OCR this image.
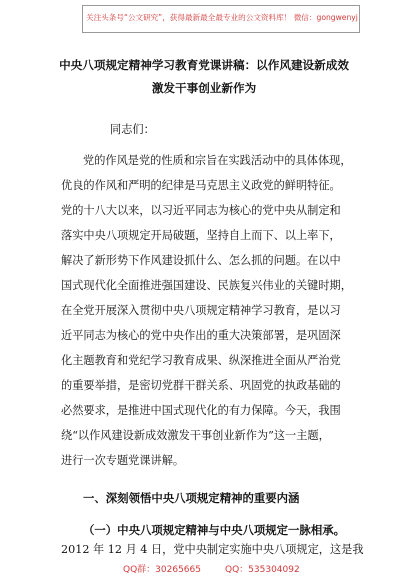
关注头条号“公文研究”，获得最新最全最专业的公文资料库！ 微信：gongwenyj
中央八项规定精神学习教育党课讲稿：以作风建设新成效
激发干事创业新作为
同志们：
党的作风是党的性质和宗旨在实践活动中的具体体现，
优良的作风和严明的纪律是马克思主义政党的鲜明特征。
党的十八大以来，以习近平同志为核心的党中央从制定和
落实中央八项规定开局破题，坚持自上而下、以上率下，
解决了新形势下作风建设抓什么、怎么抓的问题。在以中
国式现代化全面推进强国建设、民族复兴伟业的关键时期，
在全党开展深入贯彻中央八项规定精神学习教育，是以习
近平同志为核心的党中央作出的重大决策部署，是巩固深
化主题教育和党纪学习教育成果、纵深推进全面从严治党
的重要举措，是密切党群干群关系、巩固党的执政基础的
必然要求，是推进中国式现代化的有力保障。今天，我围
绕“以作风建设新成效激发干事创业新作为”这一主题，
进行一次专题党课讲解。
一、深刻领悟中央八项规定精神的重要内涵
（一）中央八项规定精神与中央八项规定一脉相承。
2012 年 12 月 4 日，党中央制定实施中央八项规定，这是我
QQ群：30265665	QQ：535304092
